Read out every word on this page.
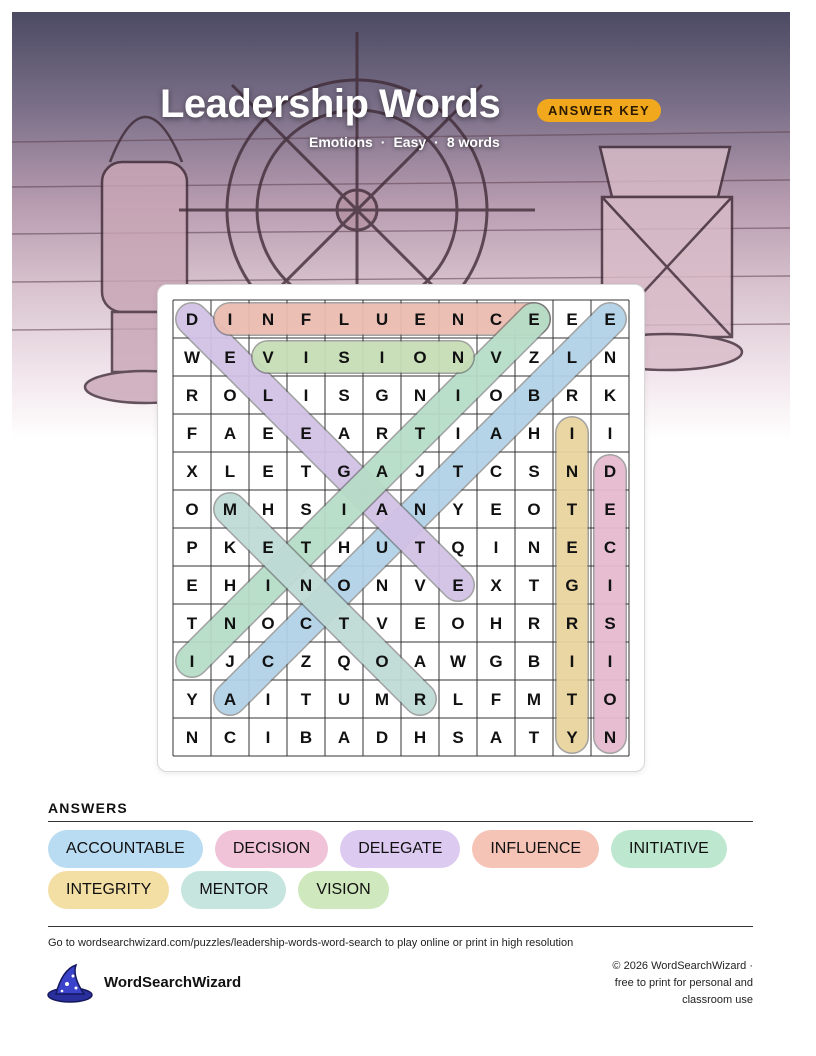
Leadership Words	ANSWER KEY
Emotions · Easy · 8 words
D I N F L U E N C E E E
W E V I S I O N V Z L N
R O L I S G N I O B R K
F A E E A R T I A H I I
X L E T G A J T C S N D
O M H S I A N Y E O T E
P K E T H U T Q I N E C
E H I N O N V E X T G I
T N O C T V E O H R R S
I J C Z Q O A W G B I I
Y A I T U M R L F M T O
N C I B A D H S A T Y N
ANSWERS
ACCOUNTABLE	DECISION	DELEGATE	INFLUENCE	INITIATIVE
INTEGRITY	MENTOR	VISION
Go to wordsearchwizard.com/puzzles/leadership-words-word-search to play online or print in high resolution
WordSearchWizard
© 2026 WordSearchWizard ·
free to print for personal and
classroom use
